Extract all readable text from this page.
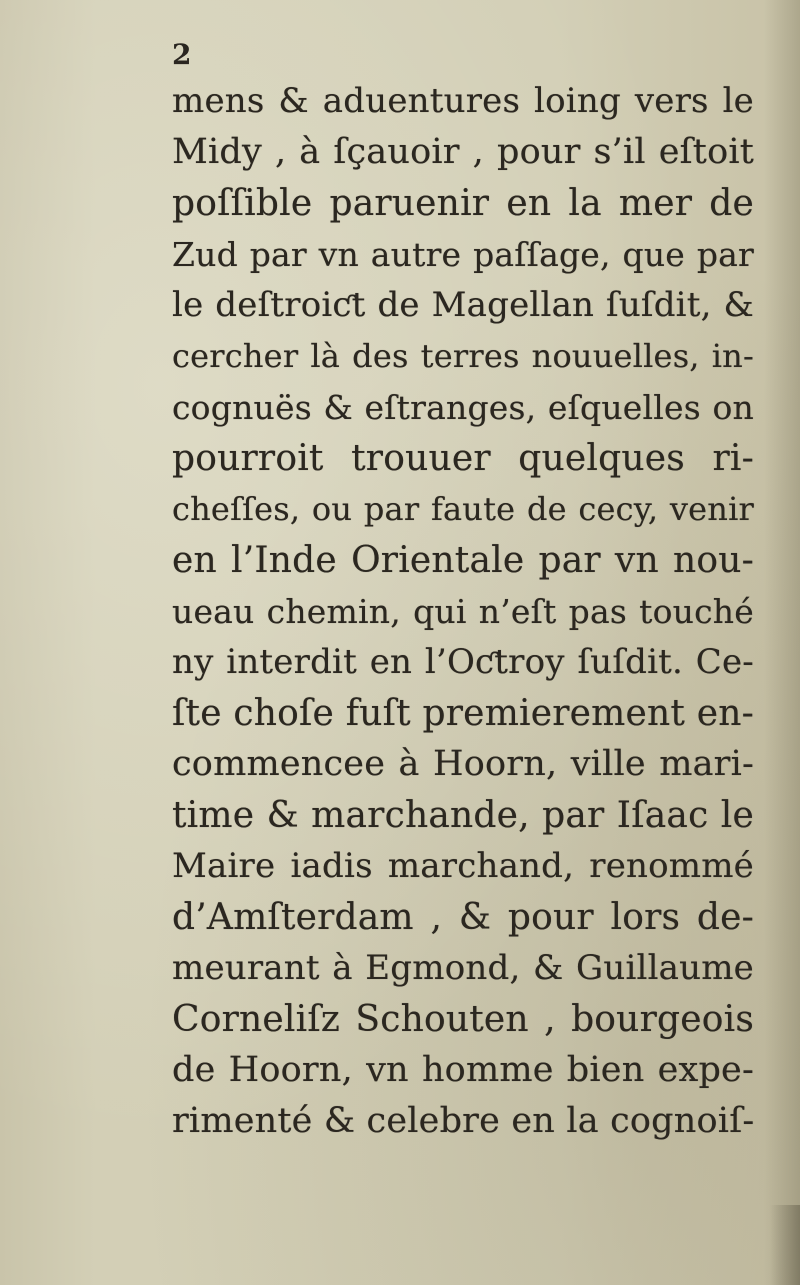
2
mens & aduentures loing vers le
Midy , à ſçauoir , pour s’il eſtoit
poſſible paruenir en la mer de
Zud par vn autre paſſage, que par
le deſtroiƈt de Magellan ſuſdit, &
cercher là des terres nouuelles, in-
cognuës & eſtranges, eſquelles on
pourroit trouuer quelques ri-
cheſſes, ou par faute de cecy, venir
en l’Inde Orientale par vn nou-
ueau chemin, qui n’eſt pas touché
ny interdit en l’Oƈtroy ſuſdit. Ce-
ſte choſe fuſt premierement en-
commencee à Hoorn, ville mari-
time & marchande, par Iſaac le
Maire iadis marchand, renommé
d’Amſterdam , & pour lors de-
meurant à Egmond, & Guillaume
Corneliſz Schouten , bourgeois
de Hoorn, vn homme bien expe-
rimenté & celebre en la cognoiſ-
